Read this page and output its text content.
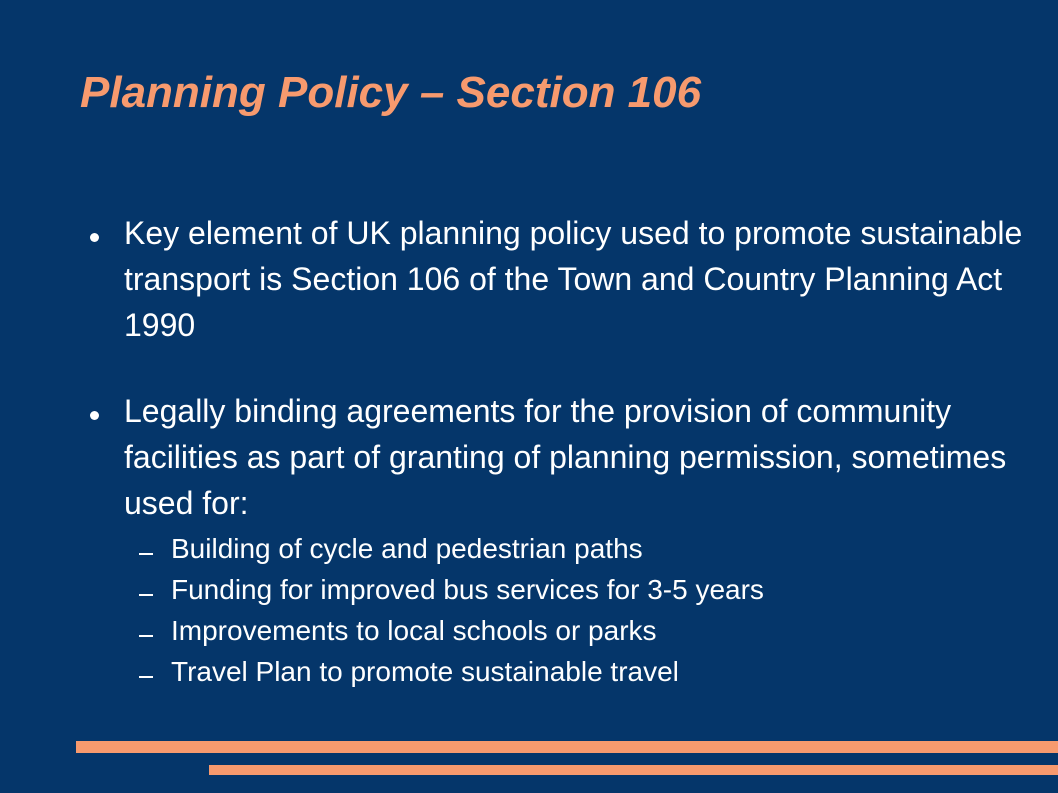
Planning Policy – Section 106
Key element of UK planning policy used to promote sustainable transport is Section 106 of the Town and Country Planning Act 1990
Legally binding agreements for the provision of community facilities as part of granting of planning permission, sometimes used for:
Building of cycle and pedestrian paths
Funding for improved bus services for 3-5 years
Improvements to local schools or parks
Travel Plan to promote sustainable travel
